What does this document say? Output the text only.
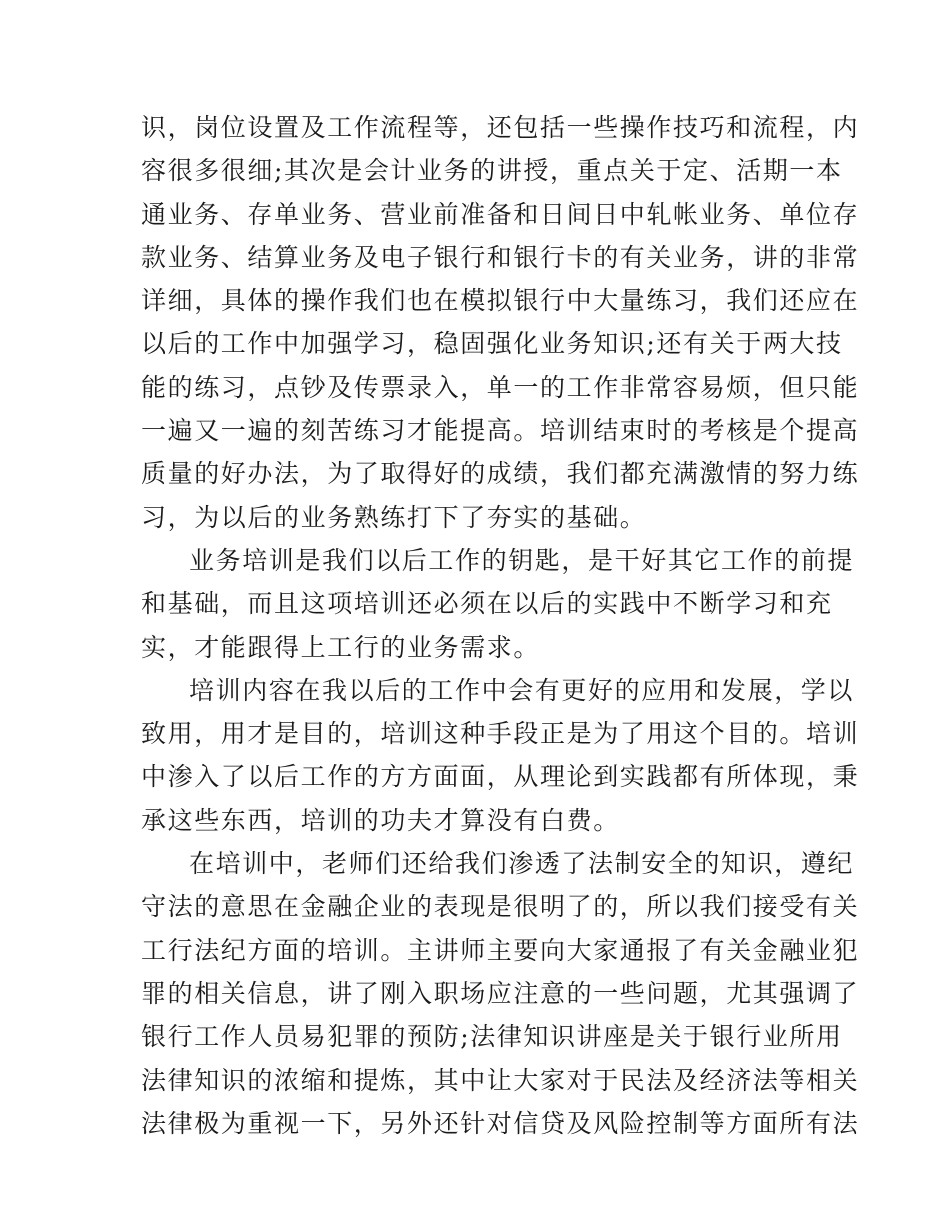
识，岗位设置及工作流程等，还包括一些操作技巧和流程，内
容很多很细;其次是会计业务的讲授，重点关于定、活期一本
通业务、存单业务、营业前准备和日间日中轧帐业务、单位存
款业务、结算业务及电子银行和银行卡的有关业务，讲的非常
详细，具体的操作我们也在模拟银行中大量练习，我们还应在
以后的工作中加强学习，稳固强化业务知识;还有关于两大技
能的练习，点钞及传票录入，单一的工作非常容易烦，但只能
一遍又一遍的刻苦练习才能提高。培训结束时的考核是个提高
质量的好办法，为了取得好的成绩，我们都充满激情的努力练
习，为以后的业务熟练打下了夯实的基础。
业务培训是我们以后工作的钥匙，是干好其它工作的前提
和基础，而且这项培训还必须在以后的实践中不断学习和充
实，才能跟得上工行的业务需求。
培训内容在我以后的工作中会有更好的应用和发展，学以
致用，用才是目的，培训这种手段正是为了用这个目的。培训
中渗入了以后工作的方方面面，从理论到实践都有所体现，秉
承这些东西，培训的功夫才算没有白费。
在培训中，老师们还给我们渗透了法制安全的知识，遵纪
守法的意思在金融企业的表现是很明了的，所以我们接受有关
工行法纪方面的培训。主讲师主要向大家通报了有关金融业犯
罪的相关信息，讲了刚入职场应注意的一些问题，尤其强调了
银行工作人员易犯罪的预防;法律知识讲座是关于银行业所用
法律知识的浓缩和提炼，其中让大家对于民法及经济法等相关
法律极为重视一下，另外还针对信贷及风险控制等方面所有法
